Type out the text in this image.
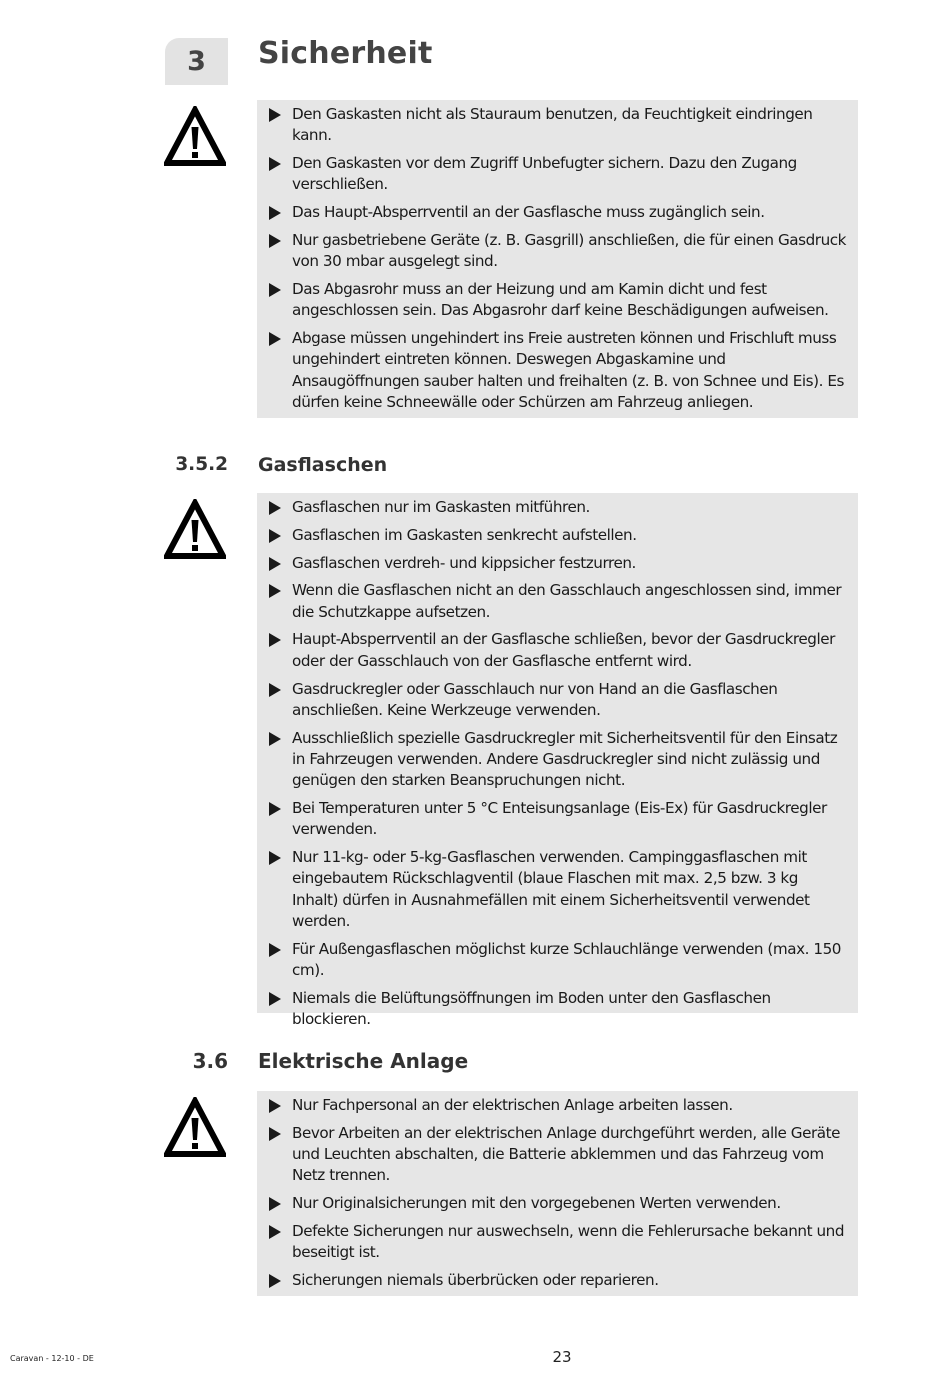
3 Sicherheit
Den Gaskasten nicht als Stauraum benutzen, da Feuchtigkeit eindringen kann.
Den Gaskasten vor dem Zugriff Unbefugter sichern. Dazu den Zugang verschließen.
Das Haupt-Absperrventil an der Gasflasche muss zugänglich sein.
Nur gasbetriebene Geräte (z. B. Gasgrill) anschließen, die für einen Gasdruck von 30 mbar ausgelegt sind.
Das Abgasrohr muss an der Heizung und am Kamin dicht und fest angeschlossen sein. Das Abgasrohr darf keine Beschädigungen aufweisen.
Abgase müssen ungehindert ins Freie austreten können und Frischluft muss ungehindert eintreten können. Deswegen Abgaskamine und Ansaugöffnungen sauber halten und freihalten (z. B. von Schnee und Eis). Es dürfen keine Schneewälle oder Schürzen am Fahrzeug anliegen.
3.5.2 Gasflaschen
Gasflaschen nur im Gaskasten mitführen.
Gasflaschen im Gaskasten senkrecht aufstellen.
Gasflaschen verdreh- und kippsicher festzurren.
Wenn die Gasflaschen nicht an den Gasschlauch angeschlossen sind, immer die Schutzkappe aufsetzen.
Haupt-Absperrventil an der Gasflasche schließen, bevor der Gasdruckregler oder der Gasschlauch von der Gasflasche entfernt wird.
Gasdruckregler oder Gasschlauch nur von Hand an die Gasflaschen anschließen. Keine Werkzeuge verwenden.
Ausschließlich spezielle Gasdruckregler mit Sicherheitsventil für den Einsatz in Fahrzeugen verwenden. Andere Gasdruckregler sind nicht zulässig und genügen den starken Beanspruchungen nicht.
Bei Temperaturen unter 5 °C Enteisungsanlage (Eis-Ex) für Gasdruckregler verwenden.
Nur 11-kg- oder 5-kg-Gasflaschen verwenden. Campinggasflaschen mit eingebautem Rückschlagventil (blaue Flaschen mit max. 2,5 bzw. 3 kg Inhalt) dürfen in Ausnahmefällen mit einem Sicherheitsventil verwendet werden.
Für Außengasflaschen möglichst kurze Schlauchlänge verwenden (max. 150 cm).
Niemals die Belüftungsöffnungen im Boden unter den Gasflaschen blockieren.
3.6 Elektrische Anlage
Nur Fachpersonal an der elektrischen Anlage arbeiten lassen.
Bevor Arbeiten an der elektrischen Anlage durchgeführt werden, alle Geräte und Leuchten abschalten, die Batterie abklemmen und das Fahrzeug vom Netz trennen.
Nur Originalsicherungen mit den vorgegebenen Werten verwenden.
Defekte Sicherungen nur auswechseln, wenn die Fehlerursache bekannt und beseitigt ist.
Sicherungen niemals überbrücken oder reparieren.
Caravan - 12-10 - DE	23
